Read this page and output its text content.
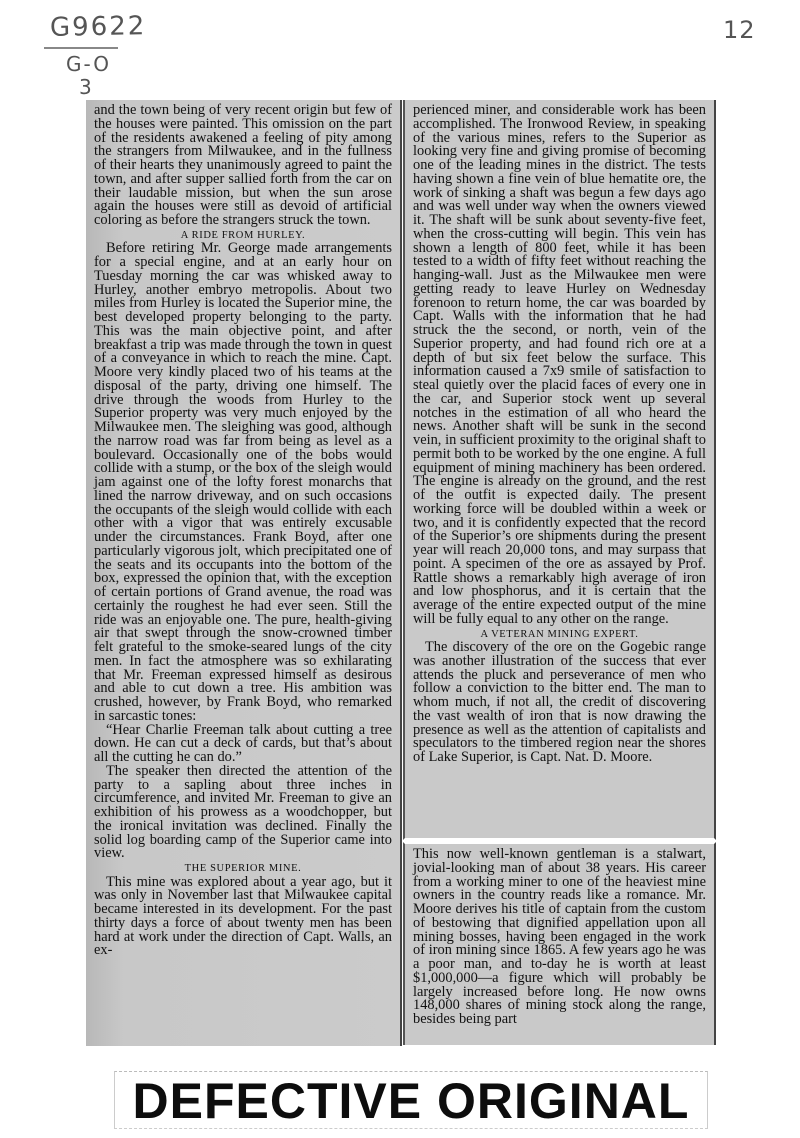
G9622
G-O
3
12

and the town being of very recent origin but few of the houses were painted. This omission on the part of the residents awakened a feeling of pity among the strangers from Milwaukee, and in the fullness of their hearts they unanimously agreed to paint the town, and after supper sallied forth from the car on their laudable mission, but when the sun arose again the houses were still as devoid of artificial coloring as before the strangers struck the town.

A RIDE FROM HURLEY.

Before retiring Mr. George made arrangements for a special engine, and at an early hour on Tuesday morning the car was whisked away to Hurley, another embryo metropolis. About two miles from Hurley is located the Superior mine, the best developed property belonging to the party. This was the main objective point, and after breakfast a trip was made through the town in quest of a conveyance in which to reach the mine. Capt. Moore very kindly placed two of his teams at the disposal of the party, driving one himself. The drive through the woods from Hurley to the Superior property was very much enjoyed by the Milwaukee men. The sleighing was good, although the narrow road was far from being as level as a boulevard. Occasionally one of the bobs would collide with a stump, or the box of the sleigh would jam against one of the lofty forest monarchs that lined the narrow driveway, and on such occasions the occupants of the sleigh would collide with each other with a vigor that was entirely excusable under the circumstances. Frank Boyd, after one particularly vigorous jolt, which precipitated one of the seats and its occupants into the bottom of the box, expressed the opinion that, with the exception of certain portions of Grand avenue, the road was certainly the roughest he had ever seen. Still the ride was an enjoyable one. The pure, health-giving air that swept through the snow-crowned timber felt grateful to the smoke-seared lungs of the city men. In fact the atmosphere was so exhilarating that Mr. Freeman expressed himself as desirous and able to cut down a tree. His ambition was crushed, however, by Frank Boyd, who remarked in sarcastic tones:

“Hear Charlie Freeman talk about cutting a tree down. He can cut a deck of cards, but that’s about all the cutting he can do.”

The speaker then directed the attention of the party to a sapling about three inches in circumference, and invited Mr. Freeman to give an exhibition of his prowess as a woodchopper, but the ironical invitation was declined. Finally the solid log boarding camp of the Superior came into view.

THE SUPERIOR MINE.

This mine was explored about a year ago, but it was only in November last that Milwaukee capital became interested in its development. For the past thirty days a force of about twenty men has been hard at work under the direction of Capt. Walls, an ex-

perienced miner, and considerable work has been accomplished. The Ironwood Review, in speaking of the various mines, refers to the Superior as looking very fine and giving promise of becoming one of the leading mines in the district. The tests having shown a fine vein of blue hematite ore, the work of sinking a shaft was begun a few days ago and was well under way when the owners viewed it. The shaft will be sunk about seventy-five feet, when the cross-cutting will begin. This vein has shown a length of 800 feet, while it has been tested to a width of fifty feet without reaching the hanging-wall. Just as the Milwaukee men were getting ready to leave Hurley on Wednesday forenoon to return home, the car was boarded by Capt. Walls with the information that he had struck the the second, or north, vein of the Superior property, and had found rich ore at a depth of but six feet below the surface. This information caused a 7x9 smile of satisfaction to steal quietly over the placid faces of every one in the car, and Superior stock went up several notches in the estimation of all who heard the news. Another shaft will be sunk in the second vein, in sufficient proximity to the original shaft to permit both to be worked by the one engine. A full equipment of mining machinery has been ordered. The engine is already on the ground, and the rest of the outfit is expected daily. The present working force will be doubled within a week or two, and it is confidently expected that the record of the Superior’s ore shipments during the present year will reach 20,000 tons, and may surpass that point. A specimen of the ore as assayed by Prof. Rattle shows a remarkably high average of iron and low phosphorus, and it is certain that the average of the entire expected output of the mine will be fully equal to any other on the range.

A VETERAN MINING EXPERT.

The discovery of the ore on the Gogebic range was another illustration of the success that ever attends the pluck and perseverance of men who follow a conviction to the bitter end. The man to whom much, if not all, the credit of discovering the vast wealth of iron that is now drawing the presence as well as the attention of capitalists and speculators to the timbered region near the shores of Lake Superior, is Capt. Nat. D. Moore.

This now well-known gentleman is a stalwart, jovial-looking man of about 38 years. His career from a working miner to one of the heaviest mine owners in the country reads like a romance. Mr. Moore derives his title of captain from the custom of bestowing that dignified appellation upon all mining bosses, having been engaged in the work of iron mining since 1865. A few years ago he was a poor man, and to-day he is worth at least $1,000,000—a figure which will probably be largely increased before long. He now owns 148,000 shares of mining stock along the range, besides being part

DEFECTIVE ORIGINAL
